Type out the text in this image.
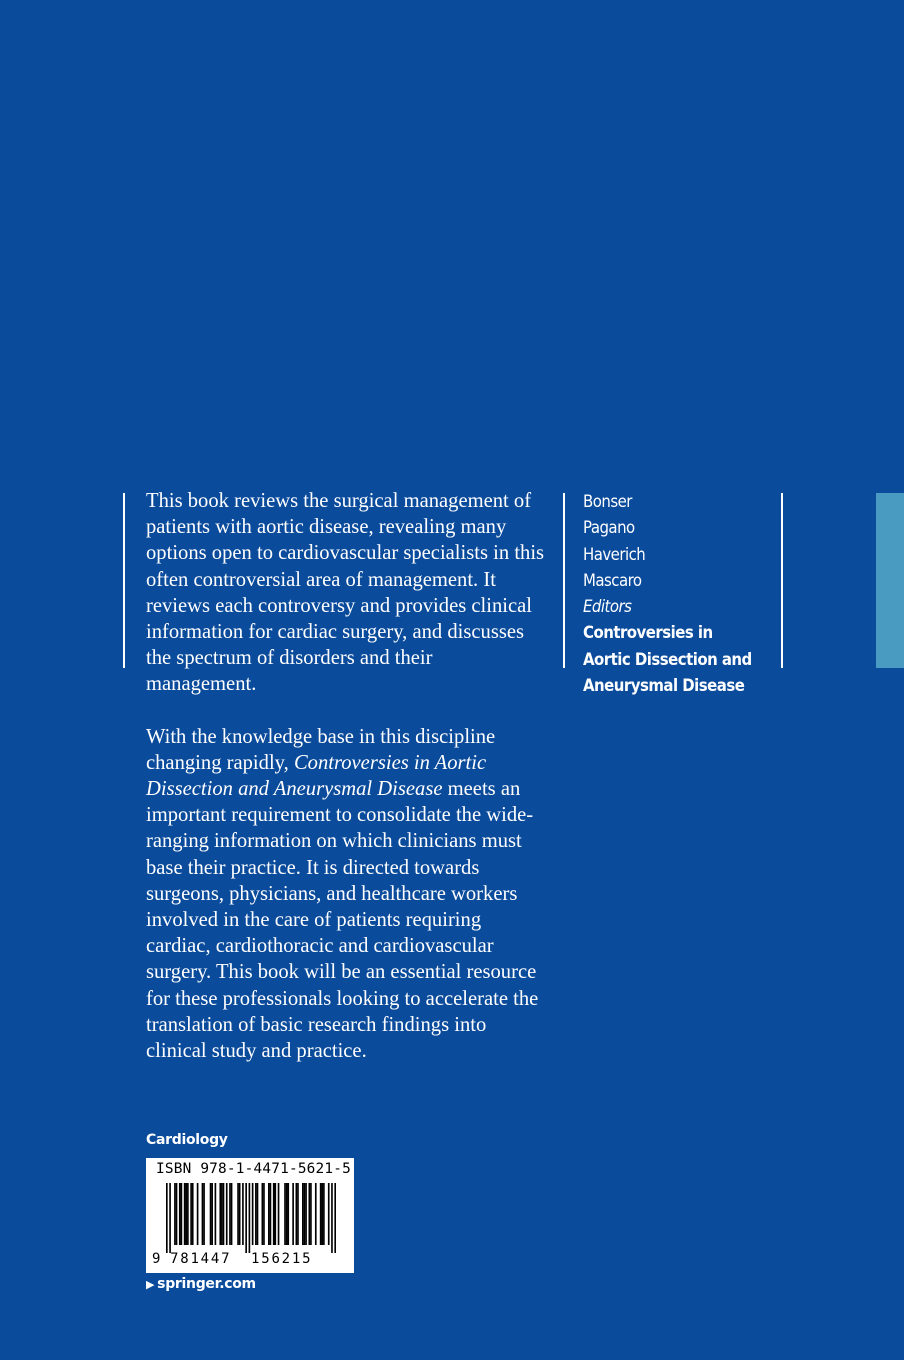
This book reviews the surgical management of patients with aortic disease, revealing many options open to cardiovascular specialists in this often controversial area of management. It reviews each controversy and provides clinical information for cardiac surgery, and discusses the spectrum of disorders and their management.

With the knowledge base in this discipline changing rapidly, Controversies in Aortic Dissection and Aneurysmal Disease meets an important requirement to consolidate the wide-ranging information on which clinicians must base their practice. It is directed towards surgeons, physicians, and healthcare workers involved in the care of patients requiring cardiac, cardiothoracic and cardiovascular surgery. This book will be an essential resource for these professionals looking to accelerate the translation of basic research findings into clinical study and practice.

Bonser
Pagano
Haverich
Mascaro
Editors
Controversies in
Aortic Dissection and
Aneurysmal Disease
Cardiology
ISBN 978-1-4471-5621-5
9 781447 156215
▶ springer.com
